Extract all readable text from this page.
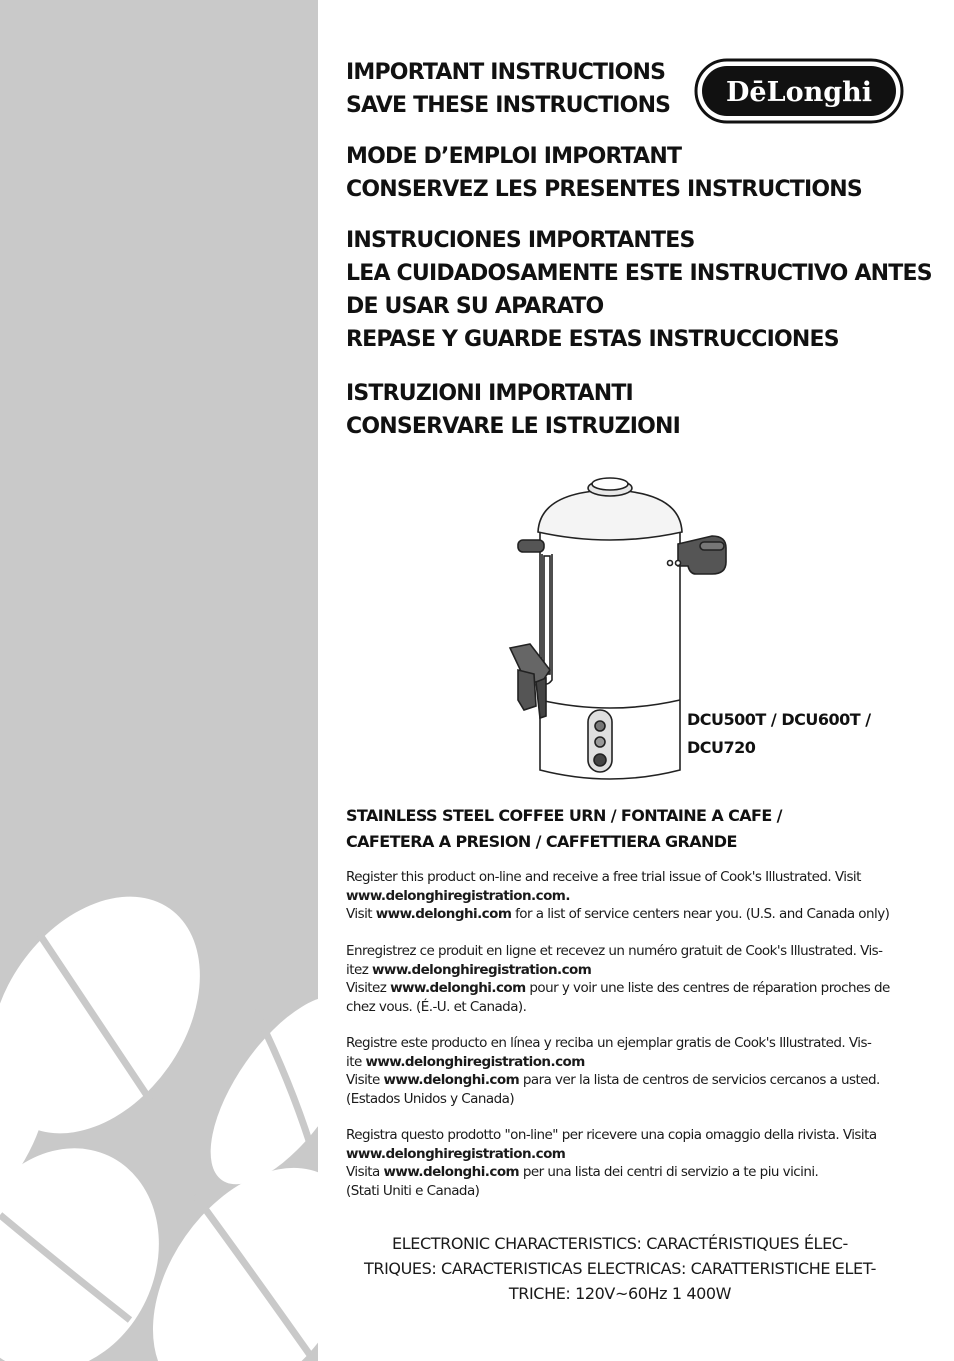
IMPORTANT INSTRUCTIONS
SAVE THESE INSTRUCTIONS
MODE D’EMPLOI IMPORTANT
CONSERVEZ LES PRESENTES INSTRUCTIONS
INSTRUCIONES IMPORTANTES
LEA CUIDADOSAMENTE ESTE INSTRUCTIVO ANTES
DE USAR SU APARATO
REPASE Y GUARDE ESTAS INSTRUCCIONES
ISTRUZIONI IMPORTANTI
CONSERVARE LE ISTRUZIONI
DēLonghi
DCU500T / DCU600T /
DCU720
STAINLESS STEEL COFFEE URN / FONTAINE A CAFE /
CAFETERA A PRESION / CAFFETTIERA GRANDE
Register this product on-line and receive a free trial issue of Cook's Illustrated. Visit
www.delonghiregistration.com.
Visit www.delonghi.com for a list of service centers near you. (U.S. and Canada only)
Enregistrez ce produit en ligne et recevez un numéro gratuit de Cook's Illustrated. Vis-
itez www.delonghiregistration.com
Visitez www.delonghi.com pour y voir une liste des centres de réparation proches de
chez vous. (É.-U. et Canada).
Registre este producto en línea y reciba un ejemplar gratis de Cook's Illustrated. Vis-
ite www.delonghiregistration.com
Visite www.delonghi.com para ver la lista de centros de servicios cercanos a usted.
(Estados Unidos y Canada)
Registra questo prodotto "on-line" per ricevere una copia omaggio della rivista. Visita
www.delonghiregistration.com
Visita www.delonghi.com per una lista dei centri di servizio a te piu vicini.
(Stati Uniti e Canada)
ELECTRONIC CHARACTERISTICS: CARACTÉRISTIQUES ÉLEC-
TRIQUES: CARACTERISTICAS ELECTRICAS: CARATTERISTICHE ELET-
TRICHE: 120V~60Hz 1 400W
